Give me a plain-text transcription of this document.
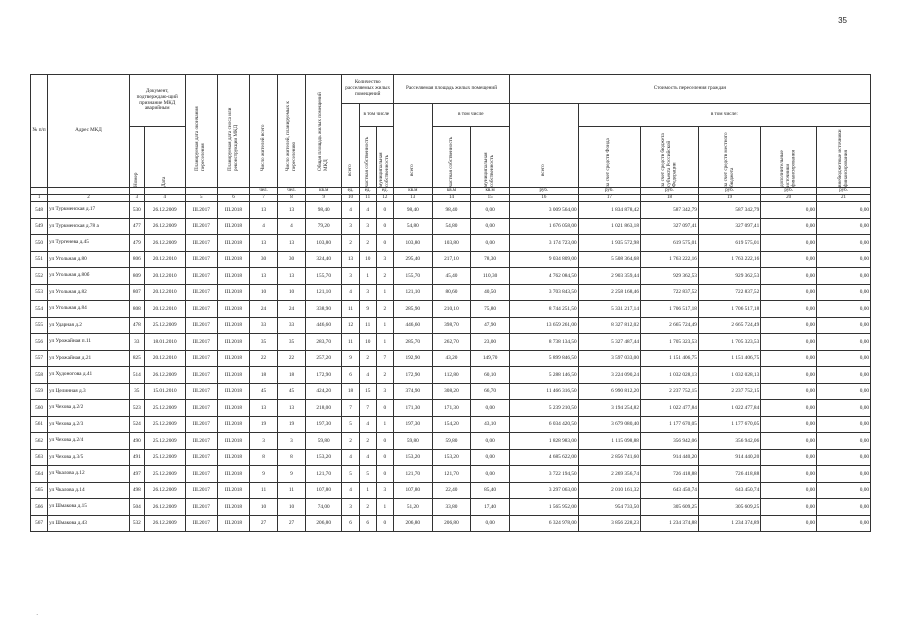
35
№ п/п	Адрес МКД	Документ, подтверждаю-щий признание МКД аварийным		Планируемая дата окончания переселения	Планируемая дата сноса или реконструкции МКД	Число жителей всего	Число жителей, планируемых к переселению	Общая площадь жилых помещений МКД	Количество расселяемых жилых помещений			Расселяемая площадь жилых помещений			Стоимость переселения граждан					

									всего	в том числе		всего	в том числе		всего	в том числе:				

		Номер	Дата							частная собственность	муниципальная собственность		частная собственность	муниципальная собственность		за счет средств Фонда	за счет средств бюджета субъекта Российской Федерации	за счет средств местного бюджета	дополнительные источники финансирования	внебюджетные источники финансирования

						чел.	чел.	кв.м	ед.	ед.	ед.	кв.м	кв.м	кв.м	руб.	руб.	руб.	руб.	руб.	руб.
1	2	3	4	5	6	7	8	9	10	11	12	13	14	15	16	17	18	19	20	21
548	ул Туркменская д.17	530	26.12.2009	III.2017	III.2018	13	13	98,40	4	4	0	98,40	98,40	0,00	3 009 564,00	1 834 878,42	587 342,79	587 342,79	0,00	0,00
549	ул Туркменская д.78 а	477	26.12.2009	III.2017	III.2018	4	4	79,20	3	3	0	54,80	54,80	0,00	1 676 058,00	1 021 863,18	327 097,41	327 097,41	0,00	0,00
550	ул Тургенева д.45	479	26.12.2009	III.2017	III.2018	13	13	103,80	2	2	0	103,80	103,80	0,00	3 174 723,00	1 935 572,98	619 575,01	619 575,01	0,00	0,00
551	ул Угольная д.80	806	20.12.2010	III.2017	III.2018	30	30	324,40	13	10	3	295,40	217,10	78,30	9 034 809,00	5 508 364,68	1 763 222,16	1 763 222,16	0,00	0,00
552	ул Угольная д.80б	809	20.12.2010	III.2017	III.2018	13	13	155,70	3	1	2	155,70	45,40	110,30	4 762 084,50	2 903 359,44	929 362,53	929 362,53	0,00	0,00
553	ул Угольная д.82	807	20.12.2010	III.2017	III.2018	10	10	121,10	4	3	1	121,10	80,60	40,50	3 703 843,50	2 258 168,46	722 837,52	722 837,52	0,00	0,00
554	ул Угольная д.84	808	20.12.2010	III.2017	III.2018	24	24	338,90	11	9	2	285,90	210,10	75,80	8 744 251,50	5 331 217,14	1 706 517,18	1 706 517,18	0,00	0,00
555	ул Ударная д.2	478	25.12.2009	III.2017	III.2018	33	33	446,60	12	11	1	446,60	398,70	47,90	13 659 261,00	8 327 812,02	2 665 724,49	2 665 724,49	0,00	0,00
556	ул Урожайная п.11	33	18.01.2010	III.2017	III.2018	35	35	283,70	11	10	1	285,70	262,70	23,00	8 738 134,50	5 327 487,44	1 705 323,53	1 705 323,53	0,00	0,00
557	ул Урожайная д.21	825	20.12.2010	III.2017	III.2018	22	22	257,20	9	2	7	192,90	43,20	149,70	5 899 846,50	3 597 033,00	1 151 406,75	1 151 406,75	0,00	0,00
558	ул Худоногова д.41	514	26.12.2009	III.2017	III.2018	18	18	172,90	6	4	2	172,90	112,80	60,10	5 288 146,50	3 224 090,24	1 032 028,13	1 032 028,13	0,00	0,00
559	ул Целинная д.3	35	15.01.2010	III.2017	III.2018	45	45	424,20	18	15	3	374,90	308,20	66,70	11 466 316,50	6 990 812,20	2 237 752,15	2 237 752,15	0,00	0,00
560	ул Чехова д.2/2	523	25.12.2009	III.2017	III.2018	13	13	218,00	7	7	0	171,30	171,30	0,00	5 239 210,50	3 194 254,82	1 022 477,84	1 022 477,84	0,00	0,00
561	ул Чехова д.2/3	524	25.12.2009	III.2017	III.2018	19	19	197,30	5	4	1	197,30	154,20	43,10	6 034 420,50	3 679 080,40	1 177 670,05	1 177 670,05	0,00	0,00
562	ул Чехова д.2/4	490	25.12.2009	III.2017	III.2018	3	3	59,80	2	2	0	59,80	59,80	0,00	1 828 983,00	1 115 098,88	356 942,06	356 942,06	0,00	0,00
563	ул Чехова д.3/5	491	25.12.2009	III.2017	III.2018	8	8	153,20	4	4	0	153,20	153,20	0,00	4 685 622,00	2 856 741,60	914 440,20	914 440,20	0,00	0,00
564	ул Чкалова д.12	497	25.12.2009	III.2017	III.2018	9	9	121,70	5	5	0	121,70	121,70	0,00	3 722 194,50	2 269 356,74	726 418,88	726 418,88	0,00	0,00
565	ул Чкалова д.14	498	26.12.2009	III.2017	III.2018	11	11	107,80	4	1	3	107,80	22,40	85,40	3 297 063,00	2 010 161,32	643 450,74	643 450,74	0,00	0,00
566	ул Шмакова д.15	504	26.12.2009	III.2017	III.2018	10	10	74,00	3	2	1	51,20	33,80	17,40	1 565 952,00	954 733,50	305 609,25	305 609,25	0,00	0,00
567	ул Шмакова д.43	532	26.12.2009	III.2017	III.2018	27	27	206,80	6	6	0	206,80	206,80	0,00	6 324 978,00	3 856 228,23	1 234 374,88	1 234 374,89	0,00	0,00
·
